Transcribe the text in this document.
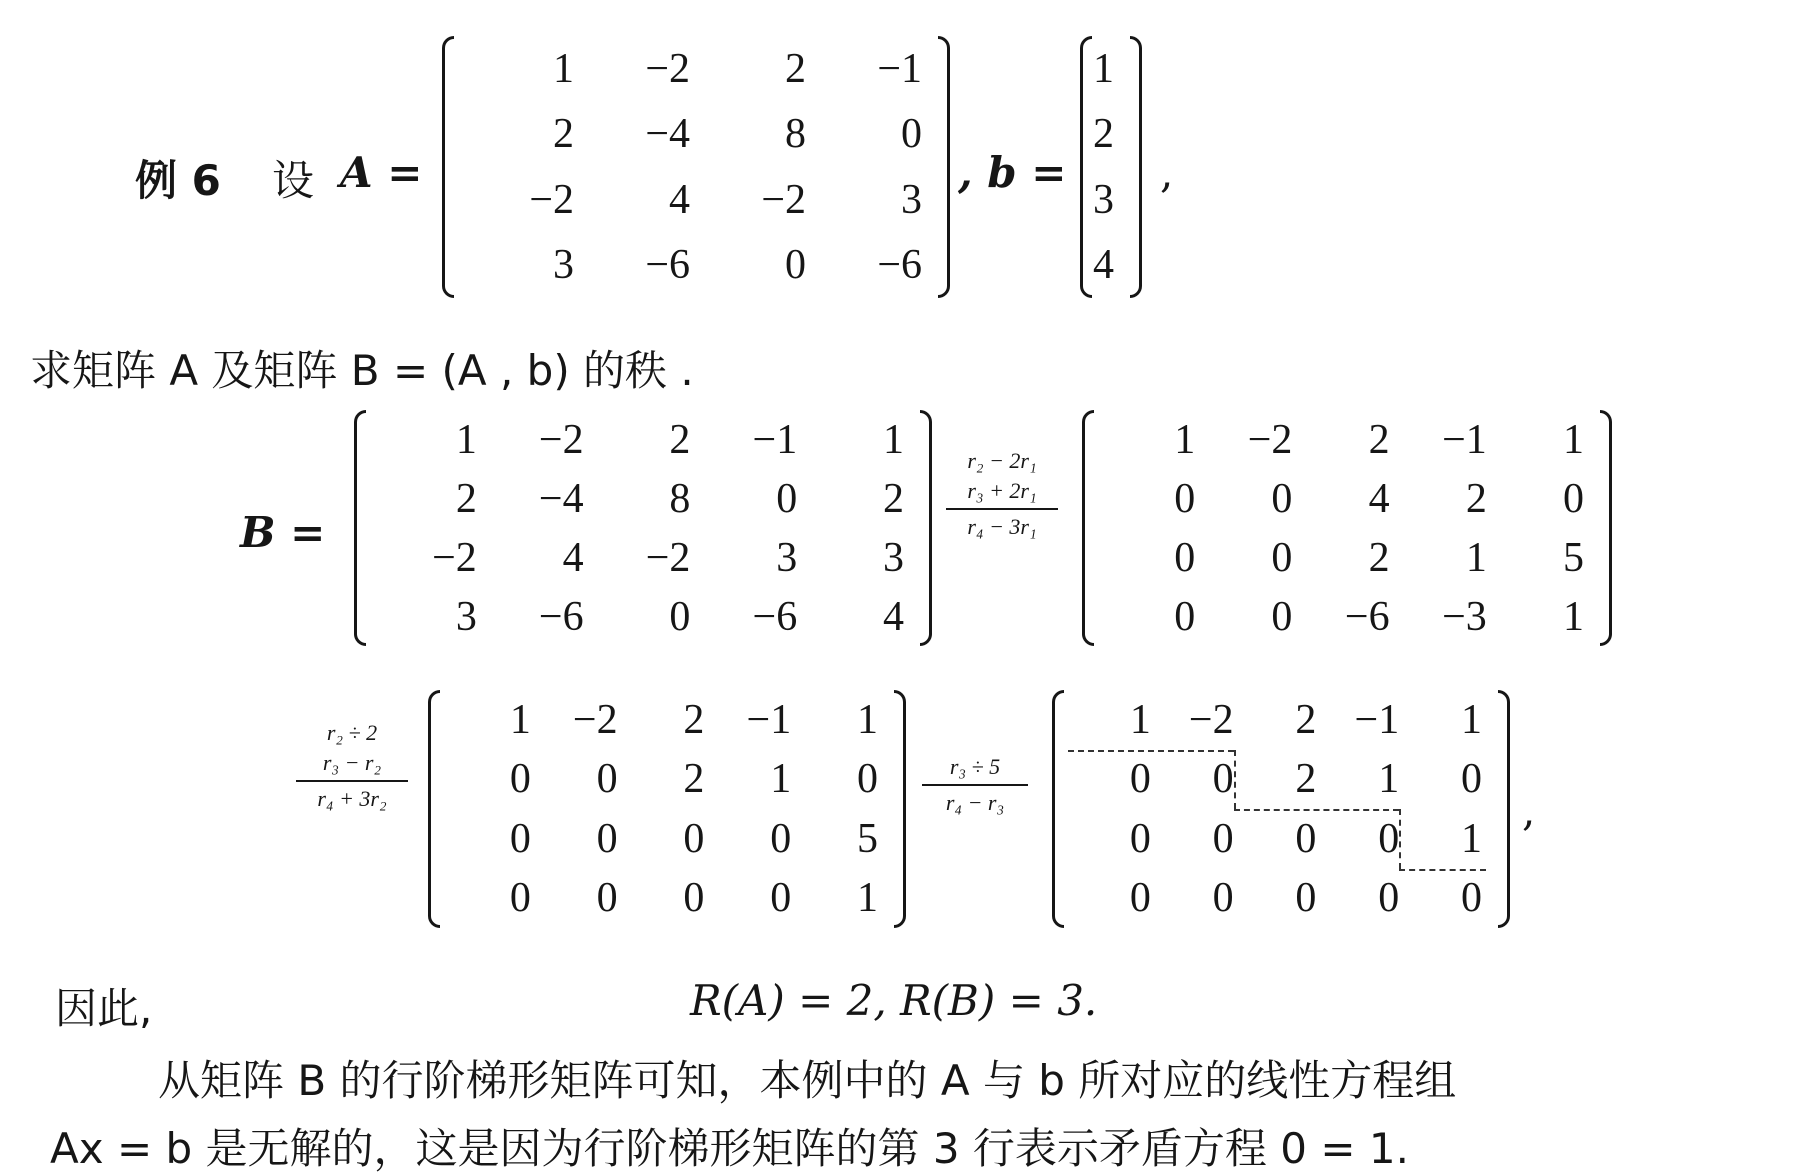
例 6 设 A =
1 −2 2 −1
2 −4 8 0
−2 4 −2 3
3 −6 0 −6
, b =
1
2
3
4
,
求矩阵 A 及矩阵 B = (A , b) 的秩 .
B =
1 −2 2 −1 1
2 −4 8 0 2
−2 4 −2 3 3
3 −6 0 −6 4
r₂ − 2r₁
r₃ + 2r₁
r₄ − 3r₁
1 −2 2 −1 1
0 0 4 2 0
0 0 2 1 5
0 0 −6 −3 1
r₂ ÷ 2
r₃ − r₂
r₄ + 3r₂
1 −2 2 −1 1
0 0 2 1 0
0 0 0 0 5
0 0 0 0 1
r₃ ÷ 5
r₄ − r₃
1 −2 2 −1 1
0 0 2 1 0
0 0 0 0 1
0 0 0 0 0
,
因此,	R(A) = 2, R(B) = 3.
从矩阵 B 的行阶梯形矩阵可知，本例中的 A 与 b 所对应的线性方程组
Ax = b 是无解的，这是因为行阶梯形矩阵的第 3 行表示矛盾方程 0 = 1.
